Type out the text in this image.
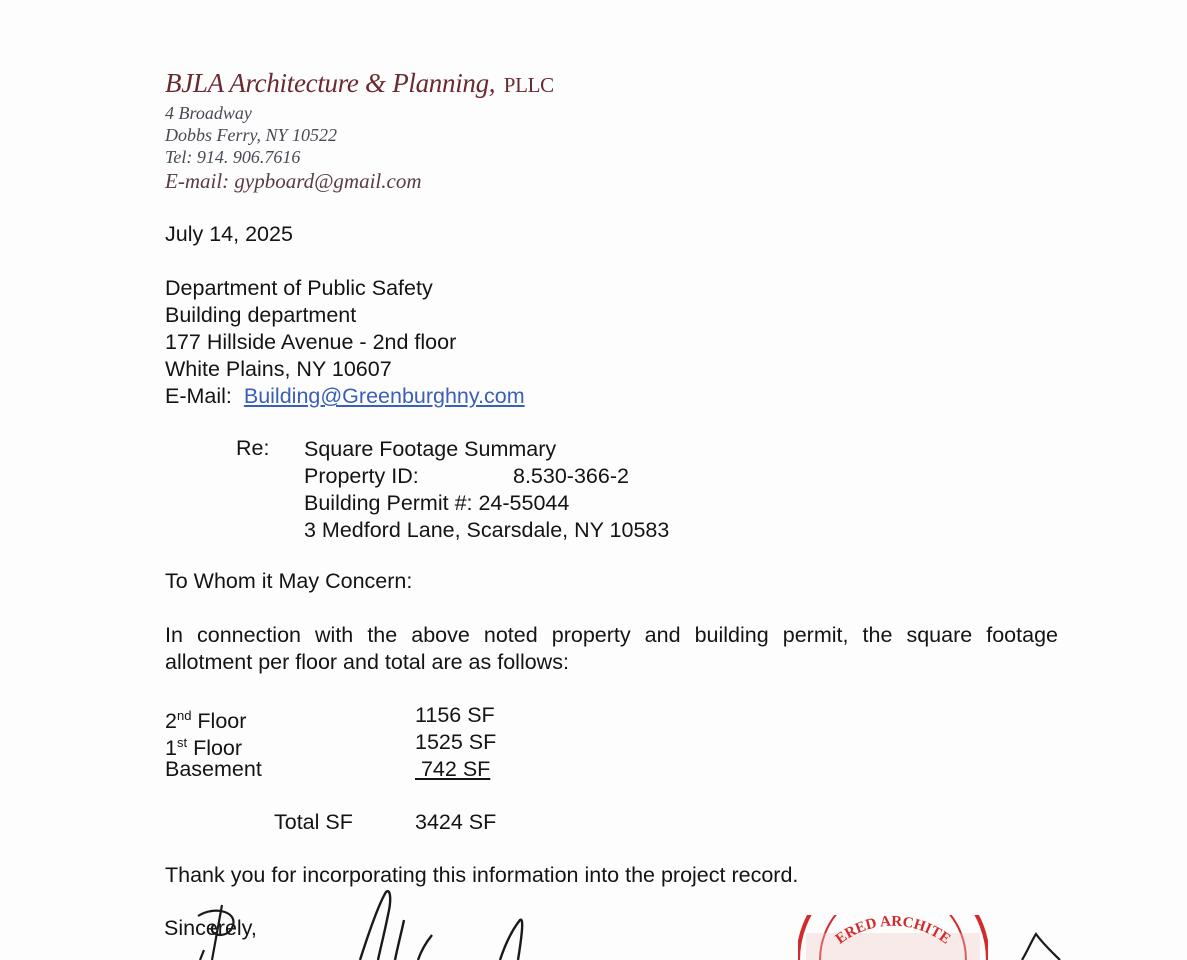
BJLA Architecture & Planning, PLLC
4 Broadway
Dobbs Ferry, NY 10522
Tel: 914. 906.7616
E-mail: gypboard@gmail.com
July 14, 2025
Department of Public Safety
Building department
177 Hillside Avenue - 2nd floor
White Plains, NY 10607
E-Mail: Building@Greenburghny.com
Re: Square Footage Summary
Property ID:	8.530-366-2
Building Permit #: 24-55044
3 Medford Lane, Scarsdale, NY 10583
To Whom it May Concern:
In connection with the above noted property and building permit, the square footage
allotment per floor and total are as follows:
2nd Floor	1156 SF
1st Floor	1525 SF
Basement	742 SF
Total SF	3424 SF
Thank you for incorporating this information into the project record.
Sincerely,	ERED ARCHITE
